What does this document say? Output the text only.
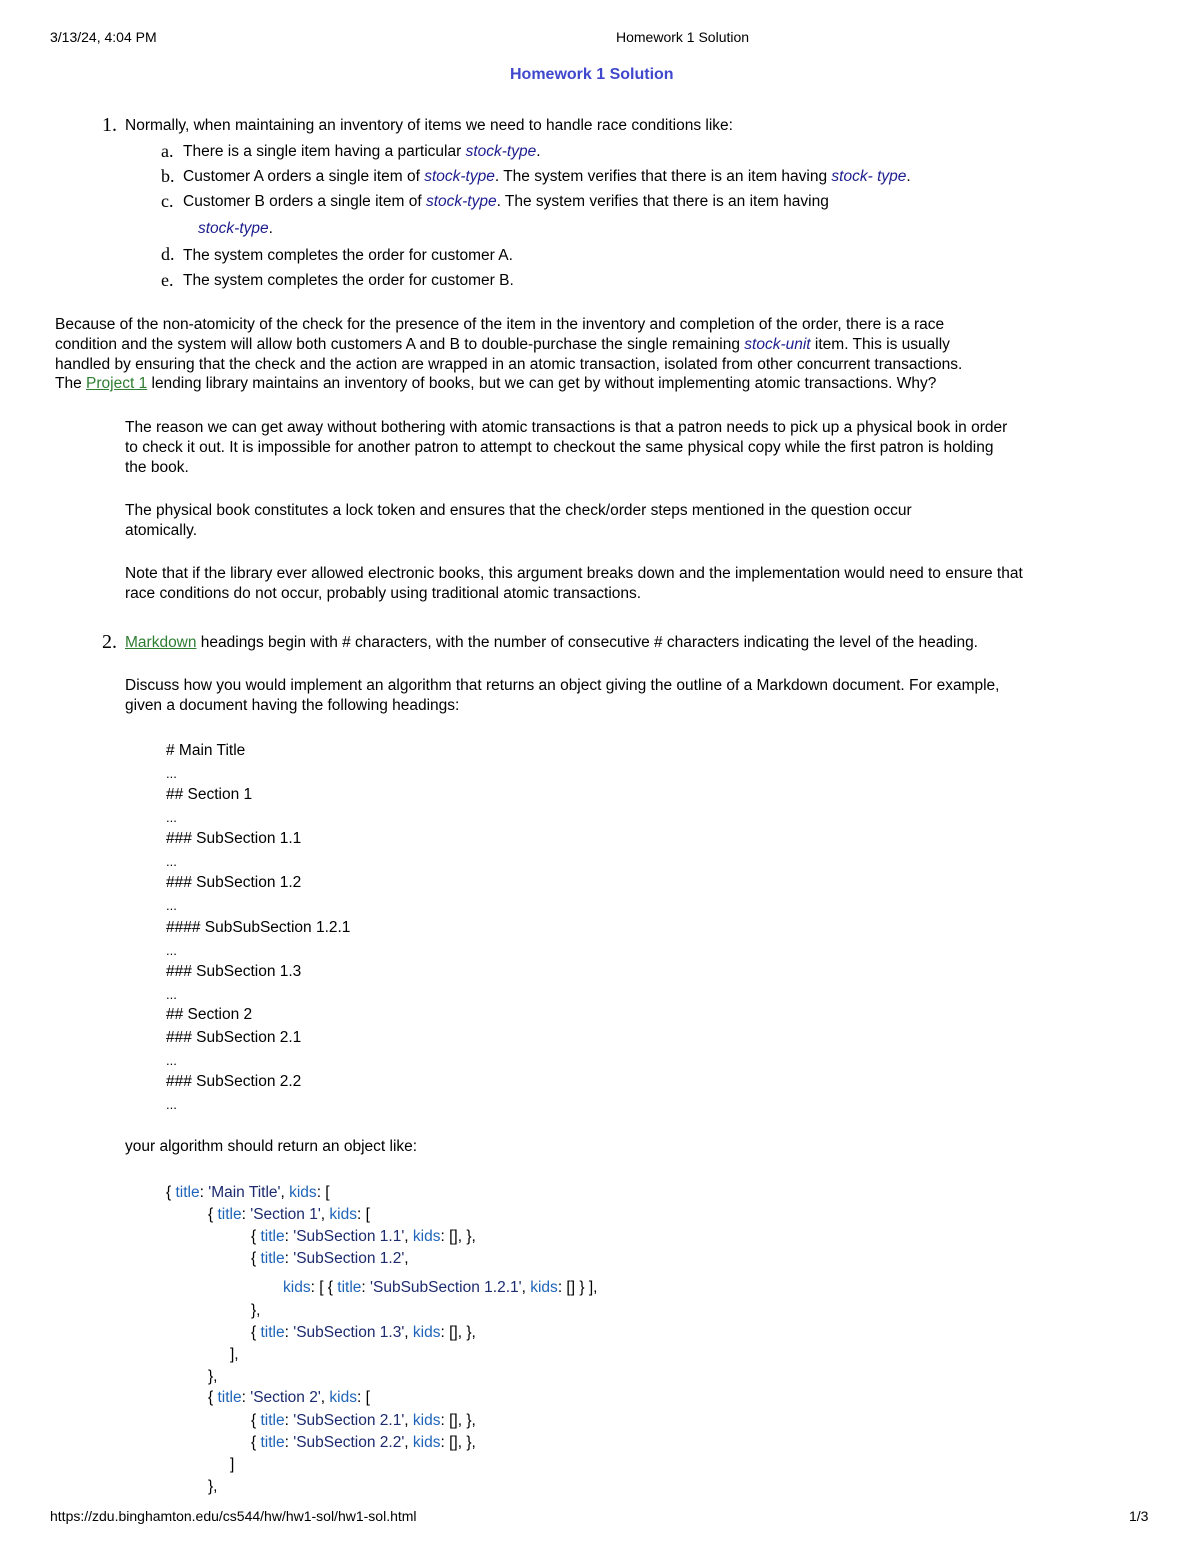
3/13/24, 4:04 PM	Homework 1 Solution
Homework 1 Solution
1. Normally, when maintaining an inventory of items we need to handle race conditions like:
a. There is a single item having a particular stock-type.
b. Customer A orders a single item of stock-type. The system verifies that there is an item having stock- type.
c. Customer B orders a single item of stock-type. The system verifies that there is an item having
stock-type.
d. The system completes the order for customer A.
e. The system completes the order for customer B.
Because of the non-atomicity of the check for the presence of the item in the inventory and completion of the order, there is a race
condition and the system will allow both customers A and B to double-purchase the single remaining stock-unit item. This is usually
handled by ensuring that the check and the action are wrapped in an atomic transaction, isolated from other concurrent transactions.
The Project 1 lending library maintains an inventory of books, but we can get by without implementing atomic transactions. Why?

The reason we can get away without bothering with atomic transactions is that a patron needs to pick up a physical book in order

to check it out. It is impossible for another patron to attempt to checkout the same physical copy while the first patron is holding

the book.

The physical book constitutes a lock token and ensures that the check/order steps mentioned in the question occur

atomically.

Note that if the library ever allowed electronic books, this argument breaks down and the implementation would need to ensure that

race conditions do not occur, probably using traditional atomic transactions.

2. Markdown headings begin with # characters, with the number of consecutive # characters indicating the level of the heading.

Discuss how you would implement an algorithm that returns an object giving the outline of a Markdown document. For example,

given a document having the following headings:

# Main Title
...
## Section 1
...
### SubSection 1.1
...
### SubSection 1.2
...
#### SubSubSection 1.2.1
...
### SubSection 1.3
...
## Section 2
### SubSection 2.1
...
### SubSection 2.2
...
your algorithm should return an object like:
{ title: 'Main Title', kids: [
{ title: 'Section 1', kids: [
{ title: 'SubSection 1.1', kids: [], },
{ title: 'SubSection 1.2',
kids: [ { title: 'SubSubSection 1.2.1', kids: [] } ],
},
{ title: 'SubSection 1.3', kids: [], },
],
},
{ title: 'Section 2', kids: [
{ title: 'SubSection 2.1', kids: [], },
{ title: 'SubSection 2.2', kids: [], },
]
},
https://zdu.binghamton.edu/cs544/hw/hw1-sol/hw1-sol.html	1/3
